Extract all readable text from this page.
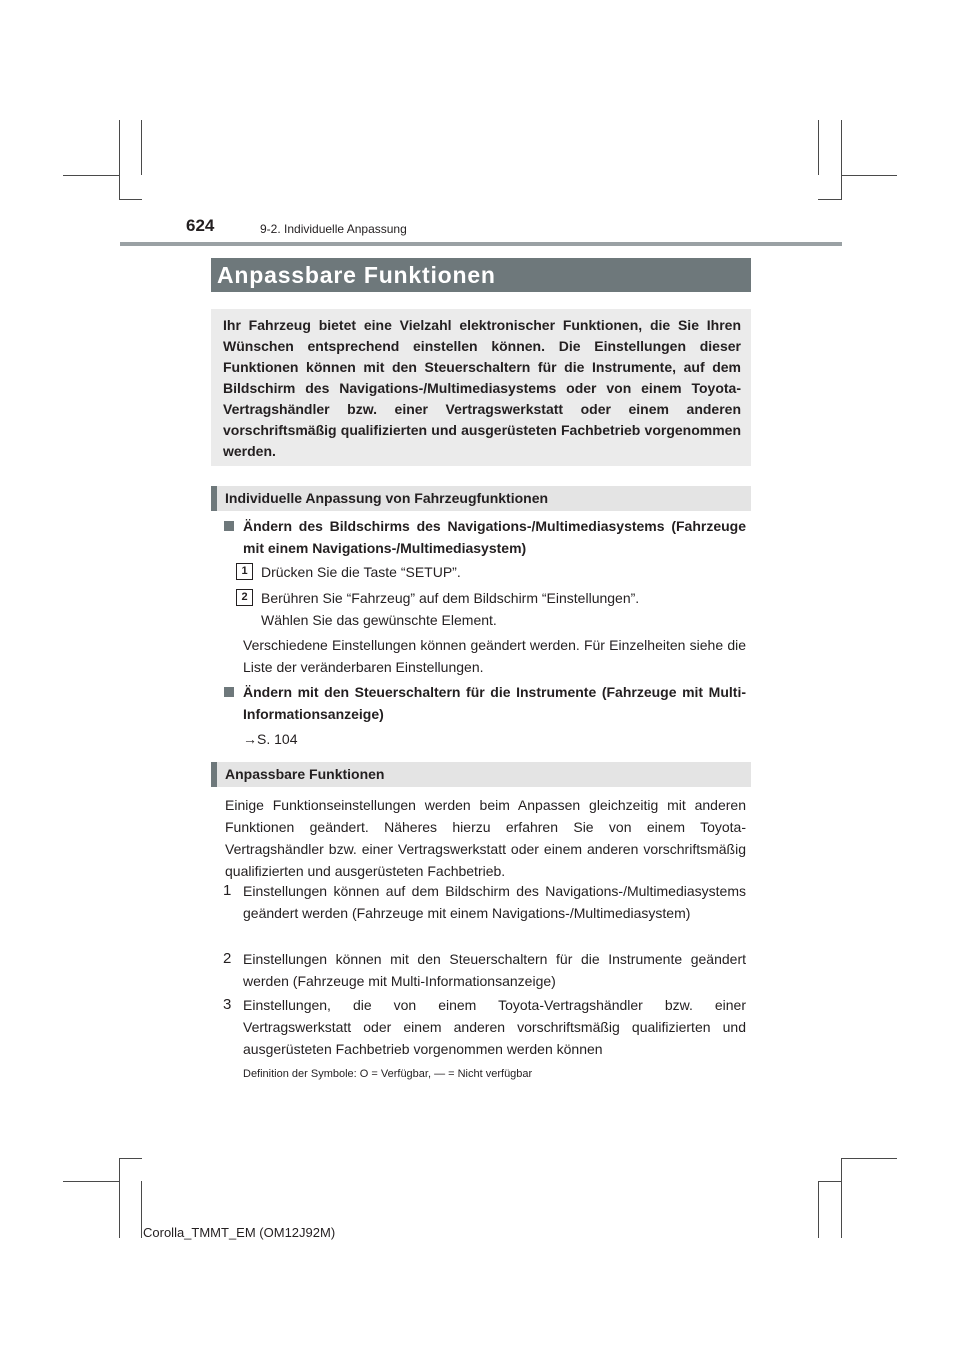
624	9-2. Individuelle Anpassung
Anpassbare Funktionen
Ihr Fahrzeug bietet eine Vielzahl elektronischer Funktionen, die Sie Ihren Wünschen entsprechend einstellen können. Die Einstellungen dieser Funktionen können mit den Steuerschaltern für die Instrumente, auf dem Bildschirm des Navigations-/Multimediasystems oder von einem Toyota-Vertragshändler bzw. einer Vertragswerkstatt oder einem anderen vorschriftsmäßig qualifizierten und ausgerüsteten Fachbetrieb vorgenommen werden.
Individuelle Anpassung von Fahrzeugfunktionen
Ändern des Bildschirms des Navigations-/Multimediasystems (Fahrzeuge mit einem Navigations-/Multimediasystem)
1 Drücken Sie die Taste “SETUP”.
2 Berühren Sie “Fahrzeug” auf dem Bildschirm “Einstellungen”.
Wählen Sie das gewünschte Element.
Verschiedene Einstellungen können geändert werden. Für Einzelheiten siehe die Liste der veränderbaren Einstellungen.
Ändern mit den Steuerschaltern für die Instrumente (Fahrzeuge mit Multi-Informationsanzeige)
→S. 104
Anpassbare Funktionen
Einige Funktionseinstellungen werden beim Anpassen gleichzeitig mit anderen Funktionen geändert. Näheres hierzu erfahren Sie von einem Toyota-Vertragshändler bzw. einer Vertragswerkstatt oder einem anderen vorschriftsmäßig qualifizierten und ausgerüsteten Fachbetrieb.
1 Einstellungen können auf dem Bildschirm des Navigations-/Multimediasystems geändert werden (Fahrzeuge mit einem Navigations-/Multimediasystem)
2 Einstellungen können mit den Steuerschaltern für die Instrumente geändert werden (Fahrzeuge mit Multi-Informationsanzeige)
3 Einstellungen, die von einem Toyota-Vertragshändler bzw. einer Vertragswerkstatt oder einem anderen vorschriftsmäßig qualifizierten und ausgerüsteten Fachbetrieb vorgenommen werden können
Definition der Symbole: O = Verfügbar, — = Nicht verfügbar
Corolla_TMMT_EM (OM12J92M)
